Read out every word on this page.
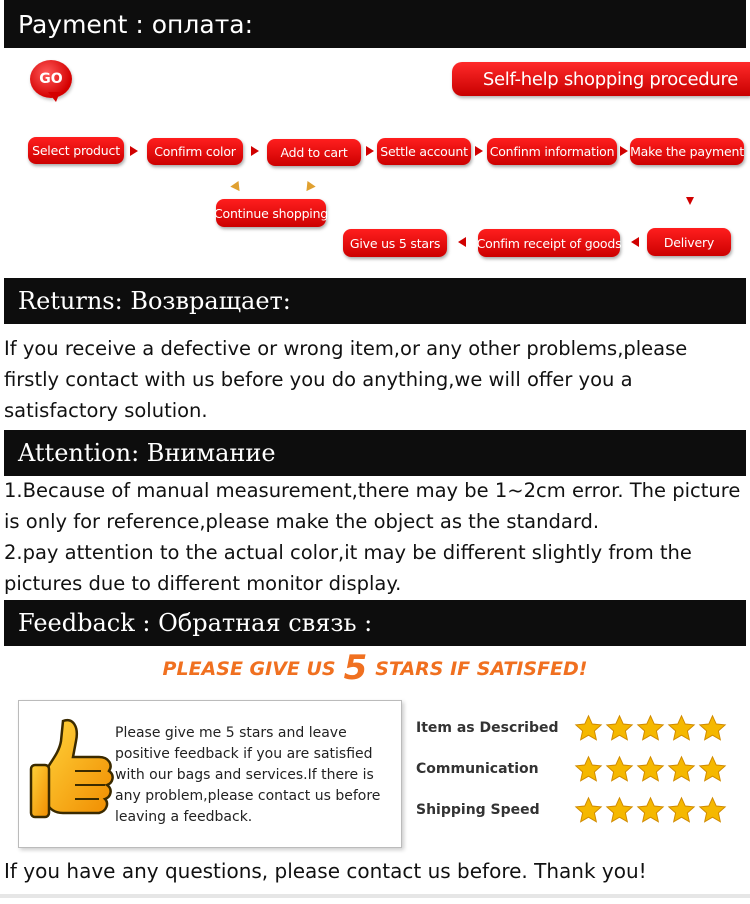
Payment : оплата:
GO	Self-help shopping procedure
Select product	Confirm color	Add to cart	Settle account Confinm information Make the payment
Continue shopping
Delivery
Confim receipt of goods
Give us 5 stars
Returns: Возвращает:
If you receive a defective or wrong item,or any other problems,please firstly contact with us before you do anything,we will offer you a satisfactory solution.
Attention: Внимание
1.Because of manual measurement,there may be 1~2cm error. The picture is only for reference,please make the object as the standard.
2.pay attention to the actual color,it may be different slightly from the pictures due to different monitor display.
Feedback : Обратная связь :
PLEASE GIVE US 5 STARS IF SATISFED!
Please give me 5 stars and leave positive feedback if you are satisfied with our bags and services.If there is any problem,please contact us before leaving a feedback.
Item as Described
Communication
Shipping Speed
If you have any questions, please contact us before. Thank you!
